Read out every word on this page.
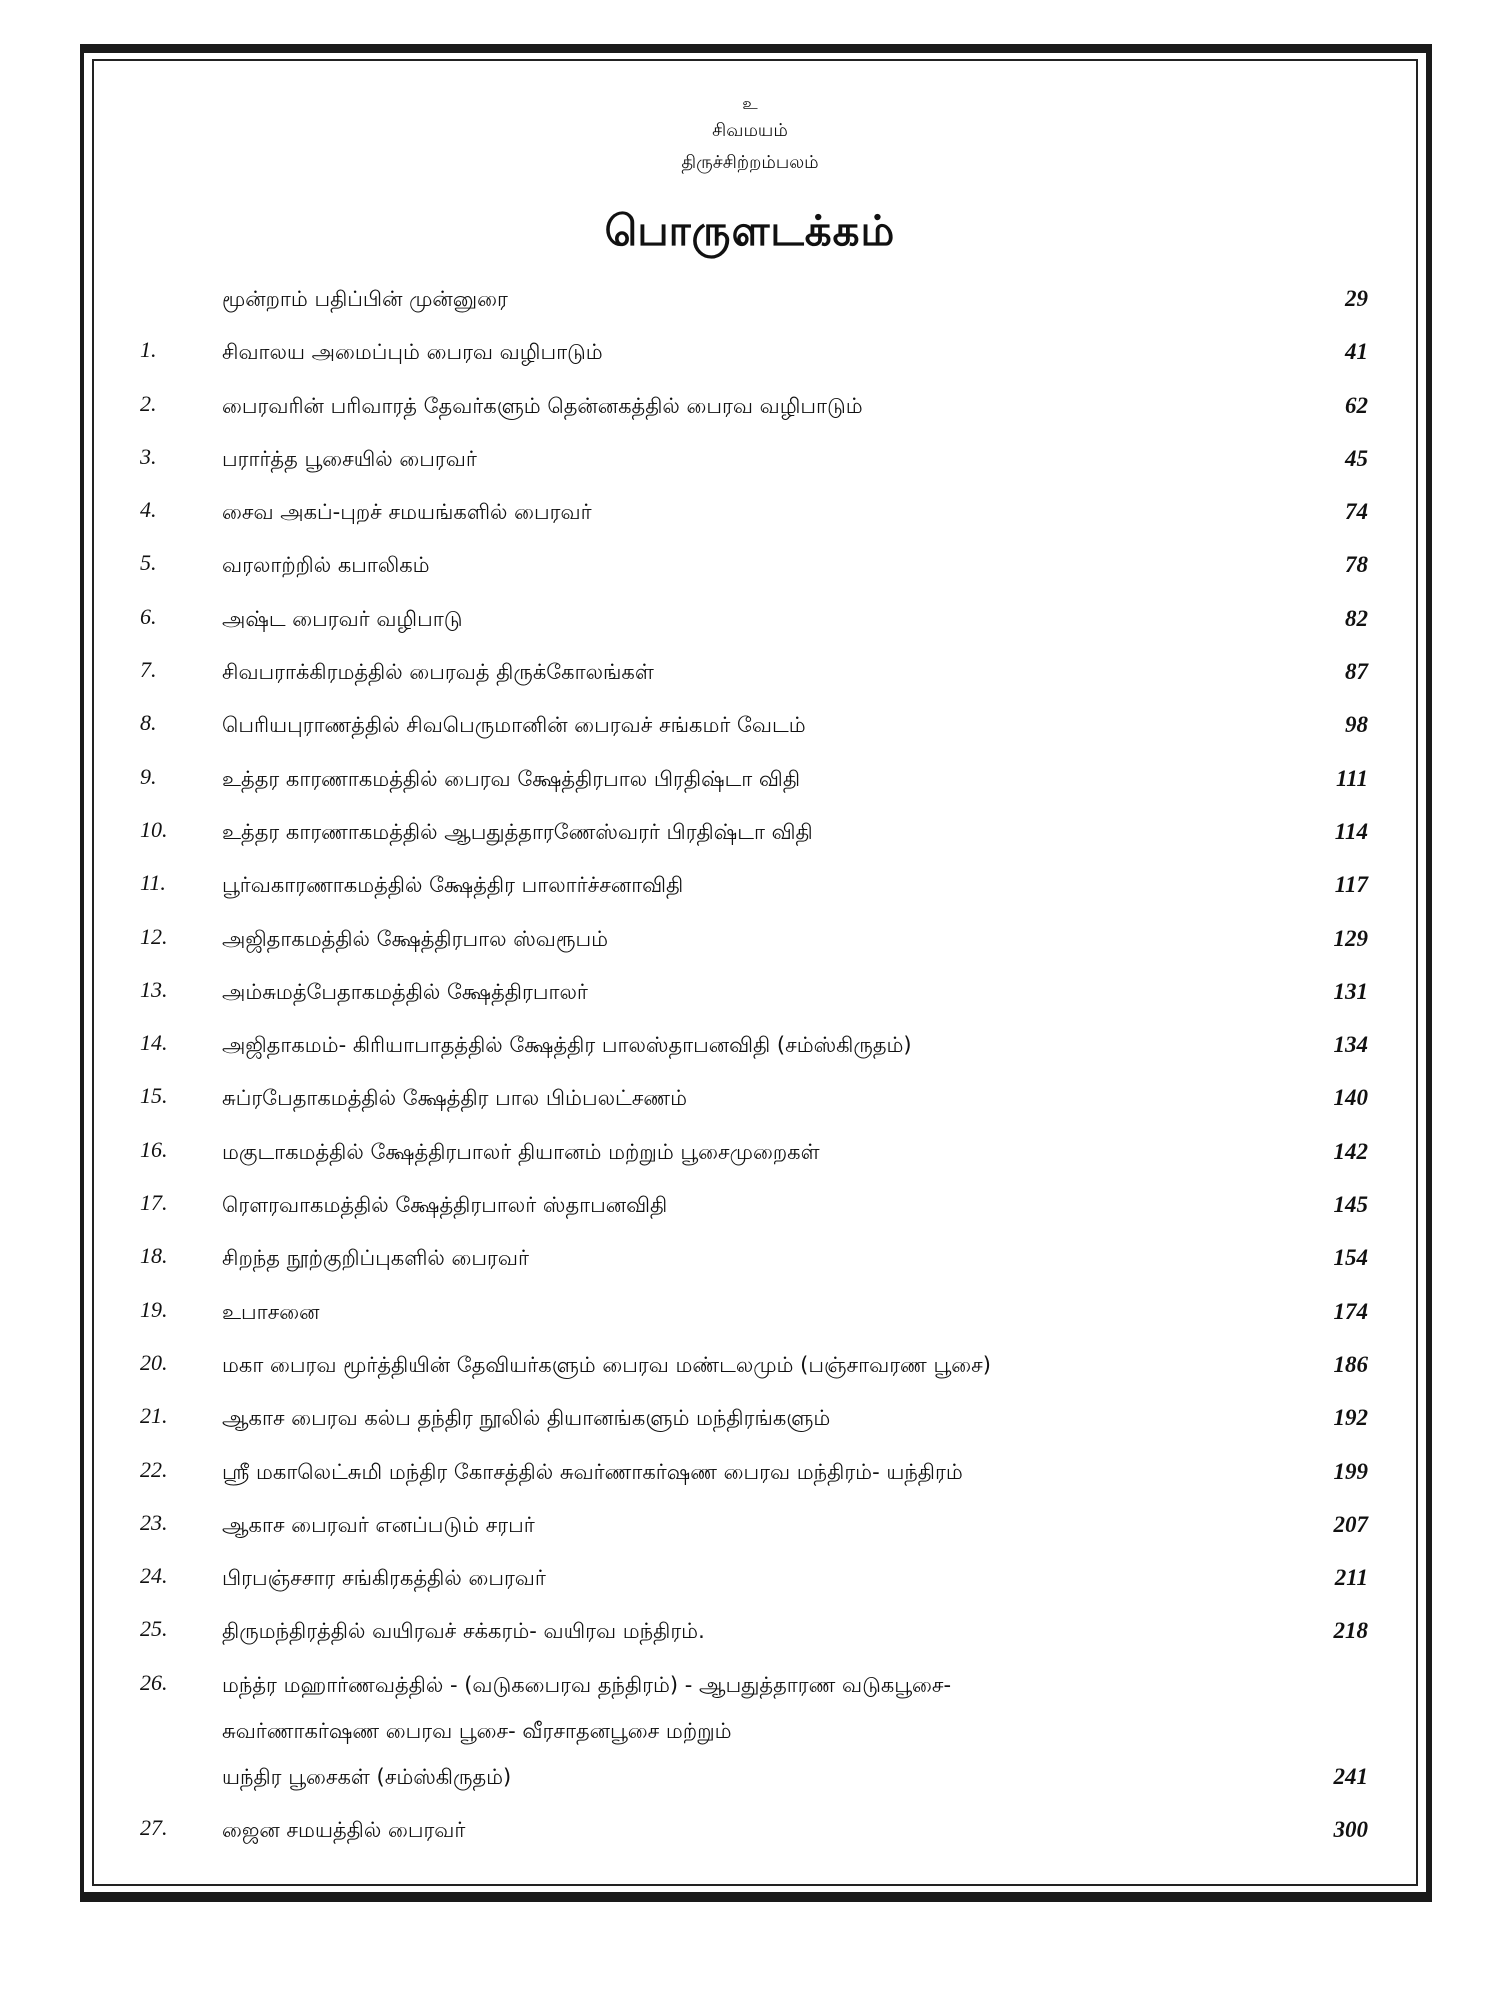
உ
சிவமயம்
திருச்சிற்றம்பலம்
பொருளடக்கம்
மூன்றாம் பதிப்பின் முன்னுரை	29
1.	சிவாலய அமைப்பும் பைரவ வழிபாடும்	41
2.	பைரவரின் பரிவாரத் தேவர்களும் தென்னகத்தில் பைரவ வழிபாடும்	62
3.	பரார்த்த பூசையில் பைரவர்	45
4.	சைவ அகப்-புறச் சமயங்களில் பைரவர்	74
5.	வரலாற்றில் கபாலிகம்	78
6.	அஷ்ட பைரவர் வழிபாடு	82
7.	சிவபராக்கிரமத்தில் பைரவத் திருக்கோலங்கள்	87
8.	பெரியபுராணத்தில் சிவபெருமானின் பைரவச் சங்கமர் வேடம்	98
9.	உத்தர காரணாகமத்தில் பைரவ க்ஷேத்திரபால பிரதிஷ்டா விதி	111
10.	உத்தர காரணாகமத்தில் ஆபதுத்தாரணேஸ்வரர் பிரதிஷ்டா விதி	114
11.	பூர்வகாரணாகமத்தில் க்ஷேத்திர பாலார்ச்சனாவிதி	117
12.	அஜிதாகமத்தில் க்ஷேத்திரபால ஸ்வரூபம்	129
13.	அம்சுமத்பேதாகமத்தில் க்ஷேத்திரபாலர்	131
14.	அஜிதாகமம்- கிரியாபாதத்தில் க்ஷேத்திர பாலஸ்தாபனவிதி (சம்ஸ்கிருதம்)	134
15.	சுப்ரபேதாகமத்தில் க்ஷேத்திர பால பிம்பலட்சணம்	140
16.	மகுடாகமத்தில் க்ஷேத்திரபாலர் தியானம் மற்றும் பூசைமுறைகள்	142
17.	ரௌரவாகமத்தில் க்ஷேத்திரபாலர் ஸ்தாபனவிதி	145
18.	சிறந்த நூற்குறிப்புகளில் பைரவர்	154
19.	உபாசனை	174
20.	மகா பைரவ மூர்த்தியின் தேவியர்களும் பைரவ மண்டலமும் (பஞ்சாவரண பூசை)	186
21.	ஆகாச பைரவ கல்ப தந்திர நூலில் தியானங்களும் மந்திரங்களும்	192
22.	ஸ்ரீ மகாலெட்சுமி மந்திர கோசத்தில் சுவர்ணாகர்ஷண பைரவ மந்திரம்- யந்திரம்	199
23.	ஆகாச பைரவர் எனப்படும் சரபர்	207
24.	பிரபஞ்சசார சங்கிரகத்தில் பைரவர்	211
25.	திருமந்திரத்தில் வயிரவச் சக்கரம்- வயிரவ மந்திரம்.	218
26.	மந்த்ர மஹார்ணவத்தில் - (வடுகபைரவ தந்திரம்) - ஆபதுத்தாரண வடுகபூசை-
சுவர்ணாகர்ஷண பைரவ பூசை- வீரசாதனபூசை மற்றும்
யந்திர பூசைகள் (சம்ஸ்கிருதம்)	241
27.	ஜைன சமயத்தில் பைரவர்	300
